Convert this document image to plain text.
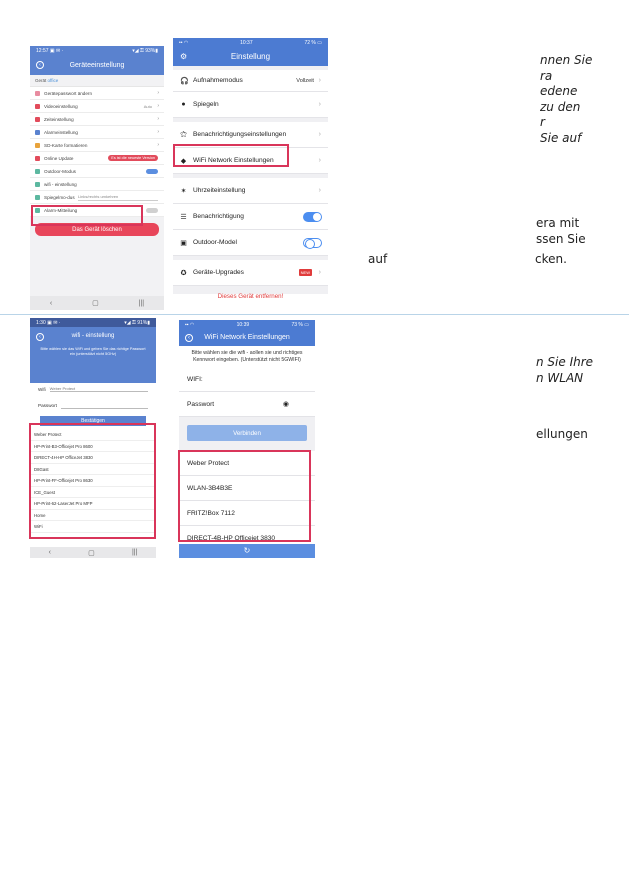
nnen Sie
ra
edene
zu den
r
Sie auf
era mit
ssen Sie
auf	cken.
n Sie Ihre
n WLAN
ellungen
12:57 ▣ ✉ ·	▾◢ ⚿ 93%▮
‹	Geräteeinstellung
Gerät office
Gerätepasswort ändern	›
Videoeinstellung	Auto ›
Zeiteinstellung	›
Alarmeinstellung	›
SD-Karte formatieren	›
Online Update	Es ist die neueste Version
Outdoor-Modus
wifi - einstellung
Spiegelmo-dus Links/rechts umkehren
Alarm-Mitteilung
Das Gerät löschen
‹	▢	|||
•• ◠	10:37	72 % ▭
⚙	Einstellung
🎧 Aufnahmemodus	Vollzeit ›
● Spiegeln	›
⚝ Benachrichtigungseinstellungen	›
◆ WiFi Network Einstellungen	›
✶ Uhrzeiteinstellung	›
☰ Benachrichtigung
▣ Outdoor-Model
✪ Geräte-Upgrades	NEW ›
Dieses Gerät entfernen!
1:30 ▣ ✉ ·	▾◢ ⚿ 91%▮
‹	wifi - einstellung
Bitte wählen sie das WiFi und geben Sie das richtige Passwort ein (unterstützt nicht 5GHz)
Wifi Weber Protect
Passwort
Bestätigen
Weber Protect
HP-Print-B3-Officejet Pro 8600
DIRECT-4H-HP OfficeJet 3830
D8Gast
HP-Print-FF-Officejet Pro 8630
ICE_Guest
HP-Print-62-LaserJet Pro MFP
Home
WiFi
‹	▢	|||
▪▪ ◠	10:39	73 % ▭
‹	WiFi Network Einstellungen
Bitte wählen sie die wifi - aollen sie und richtiges Kennwort eingeben. (Unterstützt nicht 5GWIFI)
WIFI:
Passwort	◉
Verbinden
Weber Protect
WLAN-3B4B3E
FRITZ!Box 7112
DIRECT-4B-HP Officejet 3830
↻
